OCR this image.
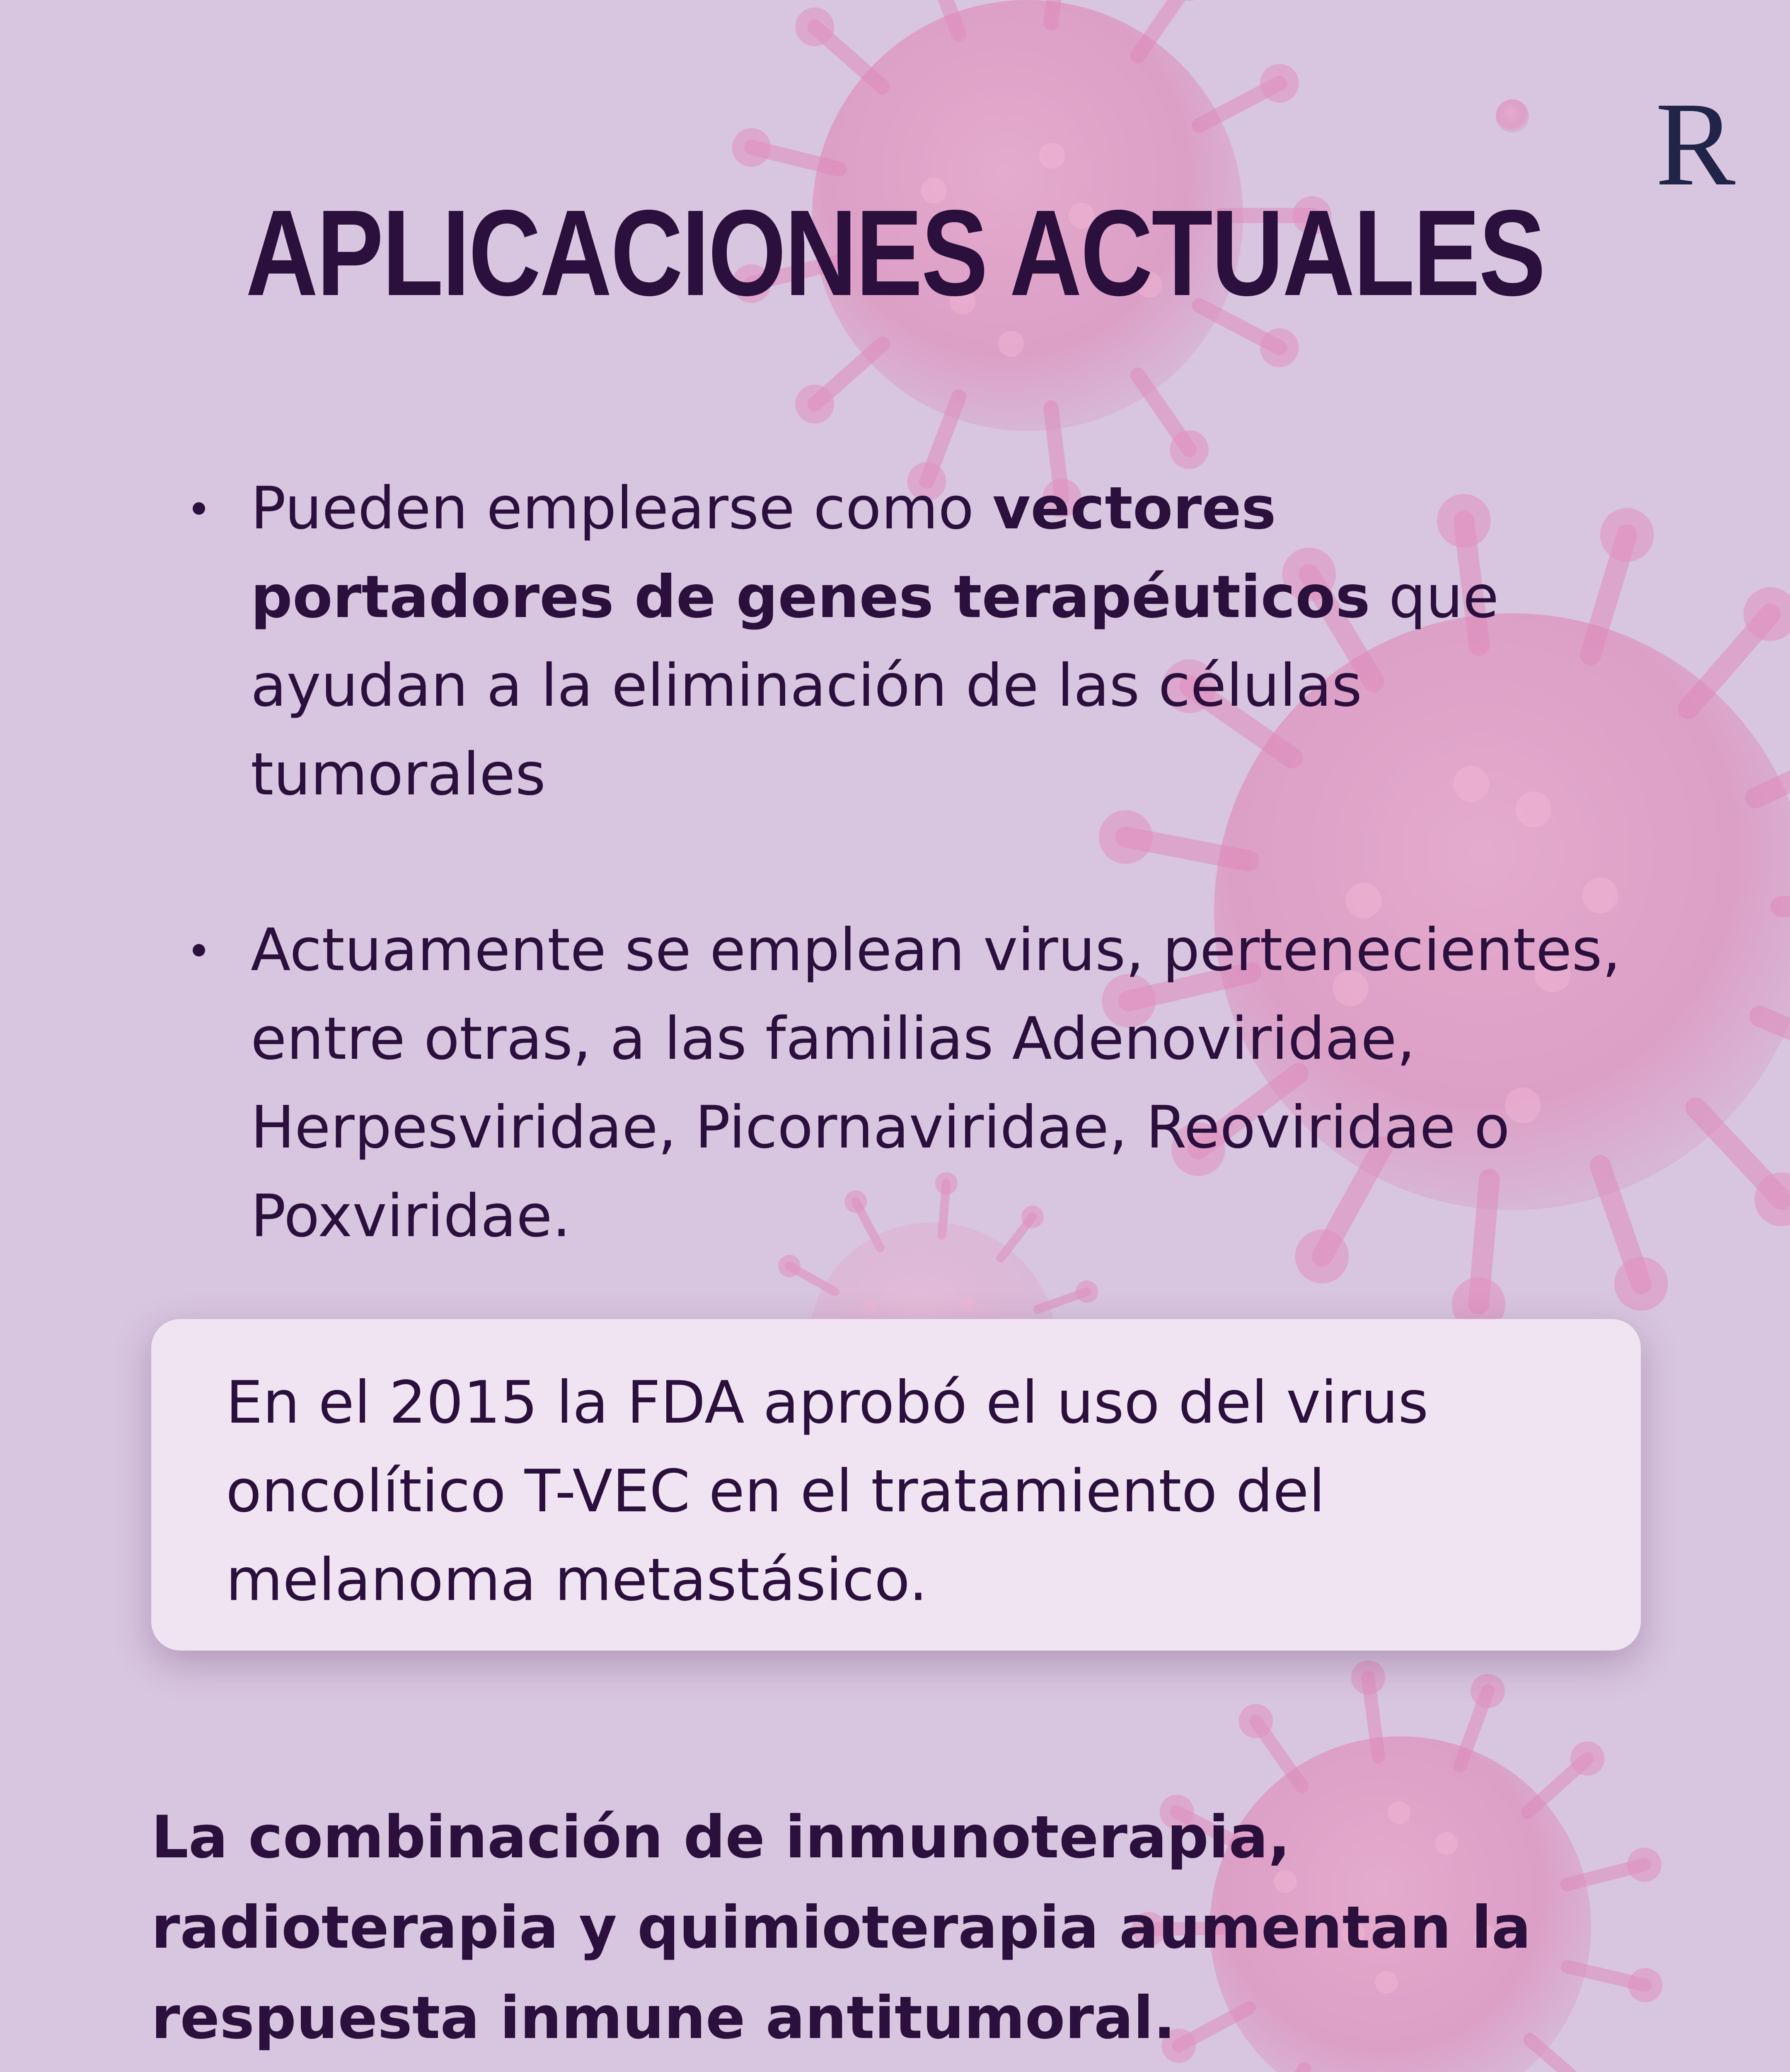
R
APLICACIONES ACTUALES
Pueden emplearse como vectores portadores de genes terapéuticos que ayudan a la eliminación de las células tumorales
Actuamente se emplean virus, pertenecientes, entre otras, a las familias Adenoviridae, Herpesviridae, Picornaviridae, Reoviridae o Poxviridae.
En el 2015 la FDA aprobó el uso del virus oncolítico T-VEC en el tratamiento del melanoma metastásico.
La combinación de inmunoterapia, radioterapia y quimioterapia aumentan la respuesta inmune antitumoral.
